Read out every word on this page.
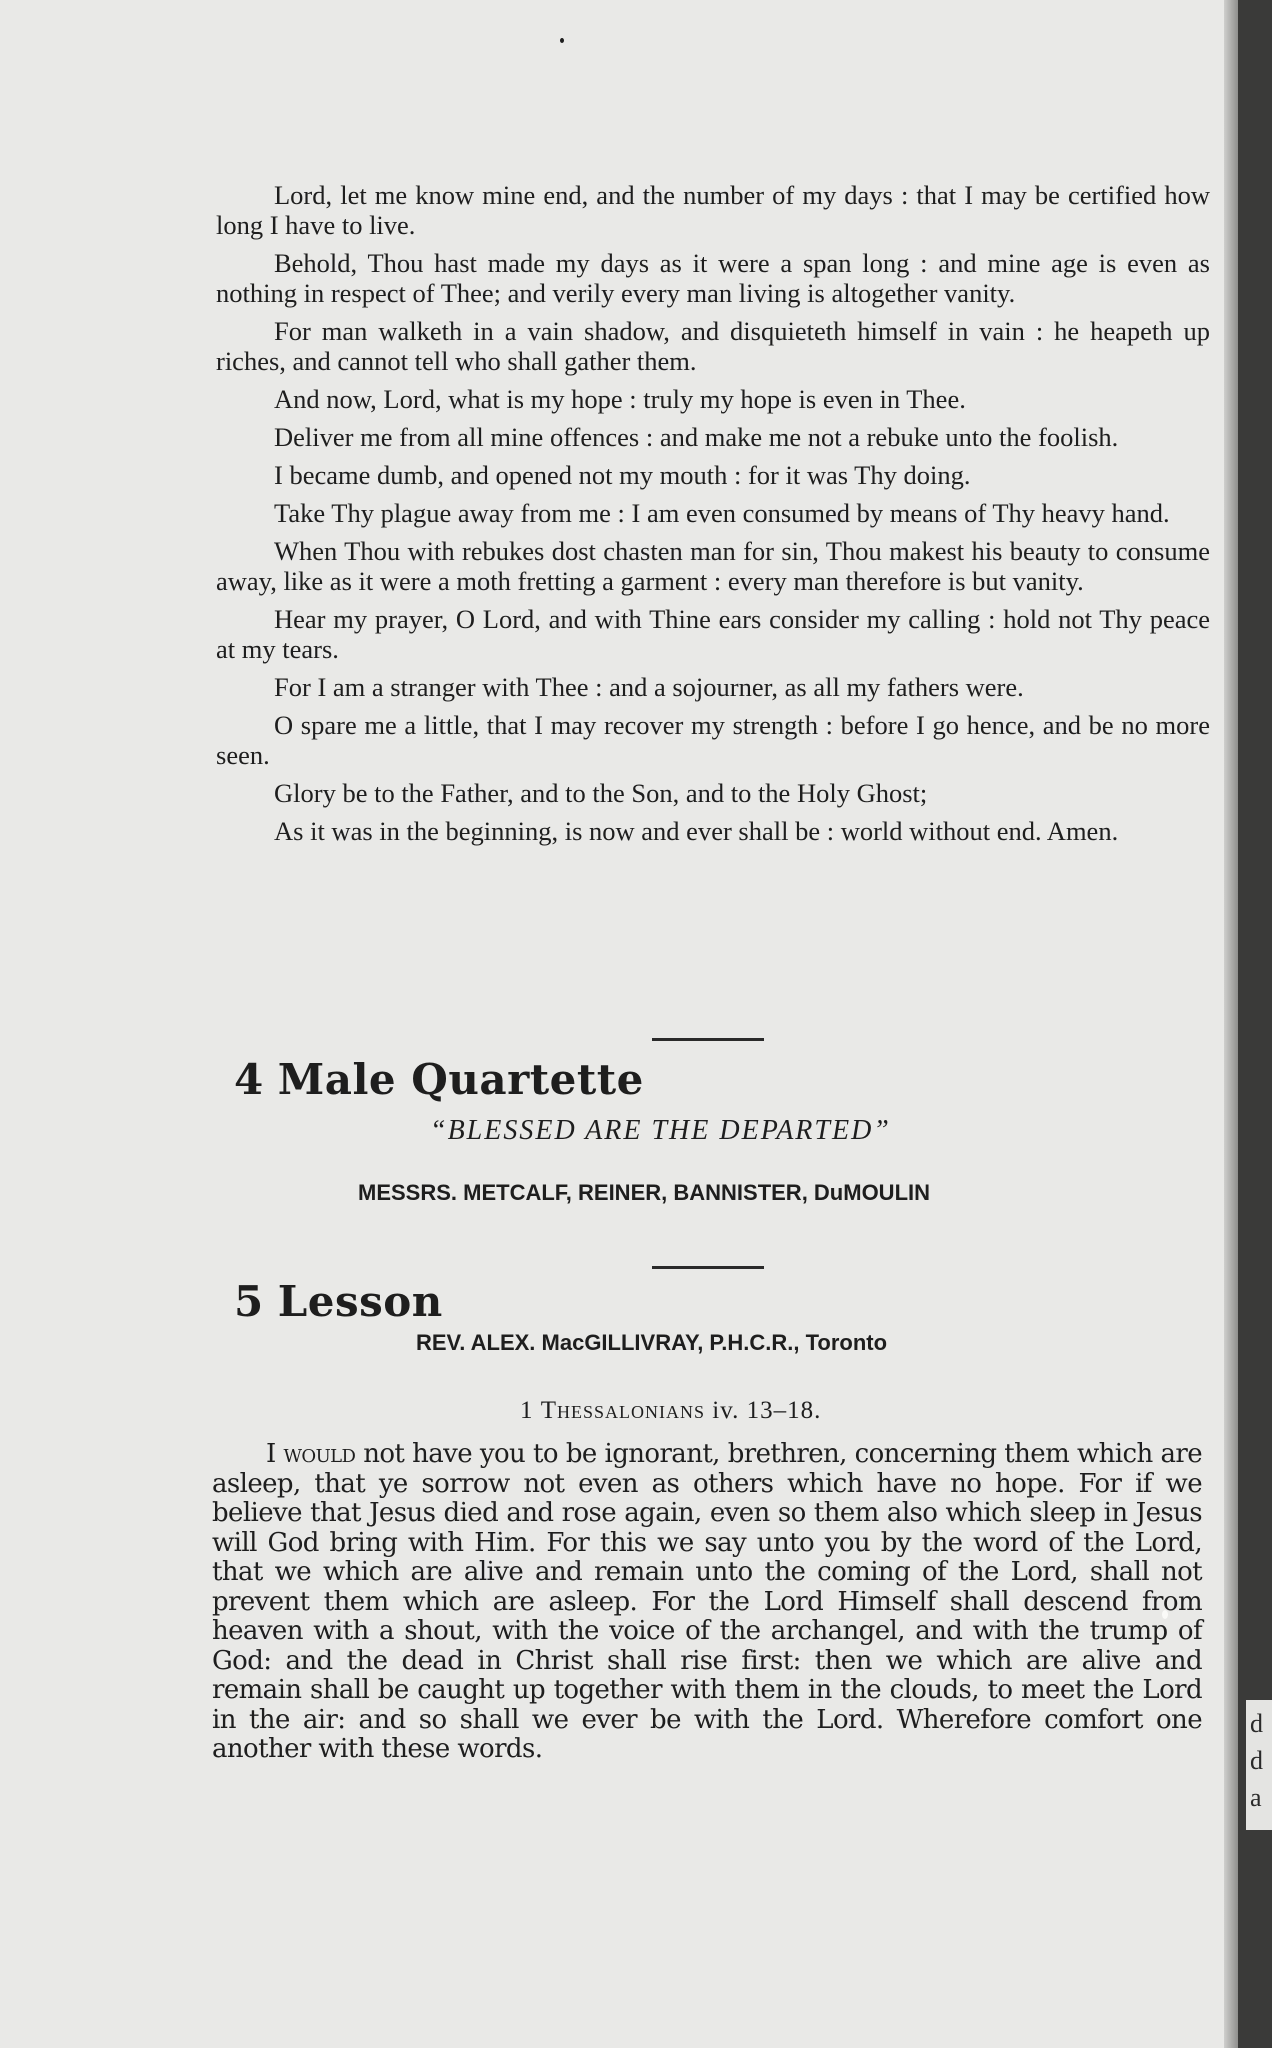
Lord, let me know mine end, and the number of my days : that I may be certified how long I have to live.

Behold, Thou hast made my days as it were a span long : and mine age is even as nothing in respect of Thee; and verily every man living is altogether vanity.

For man walketh in a vain shadow, and disquieteth himself in vain : he heapeth up riches, and cannot tell who shall gather them.

And now, Lord, what is my hope : truly my hope is even in Thee.

Deliver me from all mine offences : and make me not a rebuke unto the foolish.

I became dumb, and opened not my mouth : for it was Thy doing.

Take Thy plague away from me : I am even consumed by means of Thy heavy hand.

When Thou with rebukes dost chasten man for sin, Thou makest his beauty to consume away, like as it were a moth fretting a garment : every man therefore is but vanity.

Hear my prayer, O Lord, and with Thine ears consider my calling : hold not Thy peace at my tears.

For I am a stranger with Thee : and a sojourner, as all my fathers were.

O spare me a little, that I may recover my strength : before I go hence, and be no more seen.

Glory be to the Father, and to the Son, and to the Holy Ghost;

As it was in the beginning, is now and ever shall be : world without end. Amen.

4 Male Quartette
“BLESSED ARE THE DEPARTED”
MESSRS. METCALF, REINER, BANNISTER, DuMOULIN
5 Lesson
REV. ALEX. MacGILLIVRAY, P.H.C.R., Toronto
1 Thessalonians iv. 13–18.

I would not have you to be ignorant, brethren, concerning them which are asleep, that ye sorrow not even as others which have no hope. For if we believe that Jesus died and rose again, even so them also which sleep in Jesus will God bring with Him. For this we say unto you by the word of the Lord, that we which are alive and remain unto the coming of the Lord, shall not prevent them which are asleep. For the Lord Himself shall descend from heaven with a shout, with the voice of the archangel, and with the trump of God: and the dead in Christ shall rise first: then we which are alive and remain shall be caught up together with them in the clouds, to meet the Lord in the air: and so shall we ever be with the Lord. Wherefore comfort one another with these words.

d
d
a
